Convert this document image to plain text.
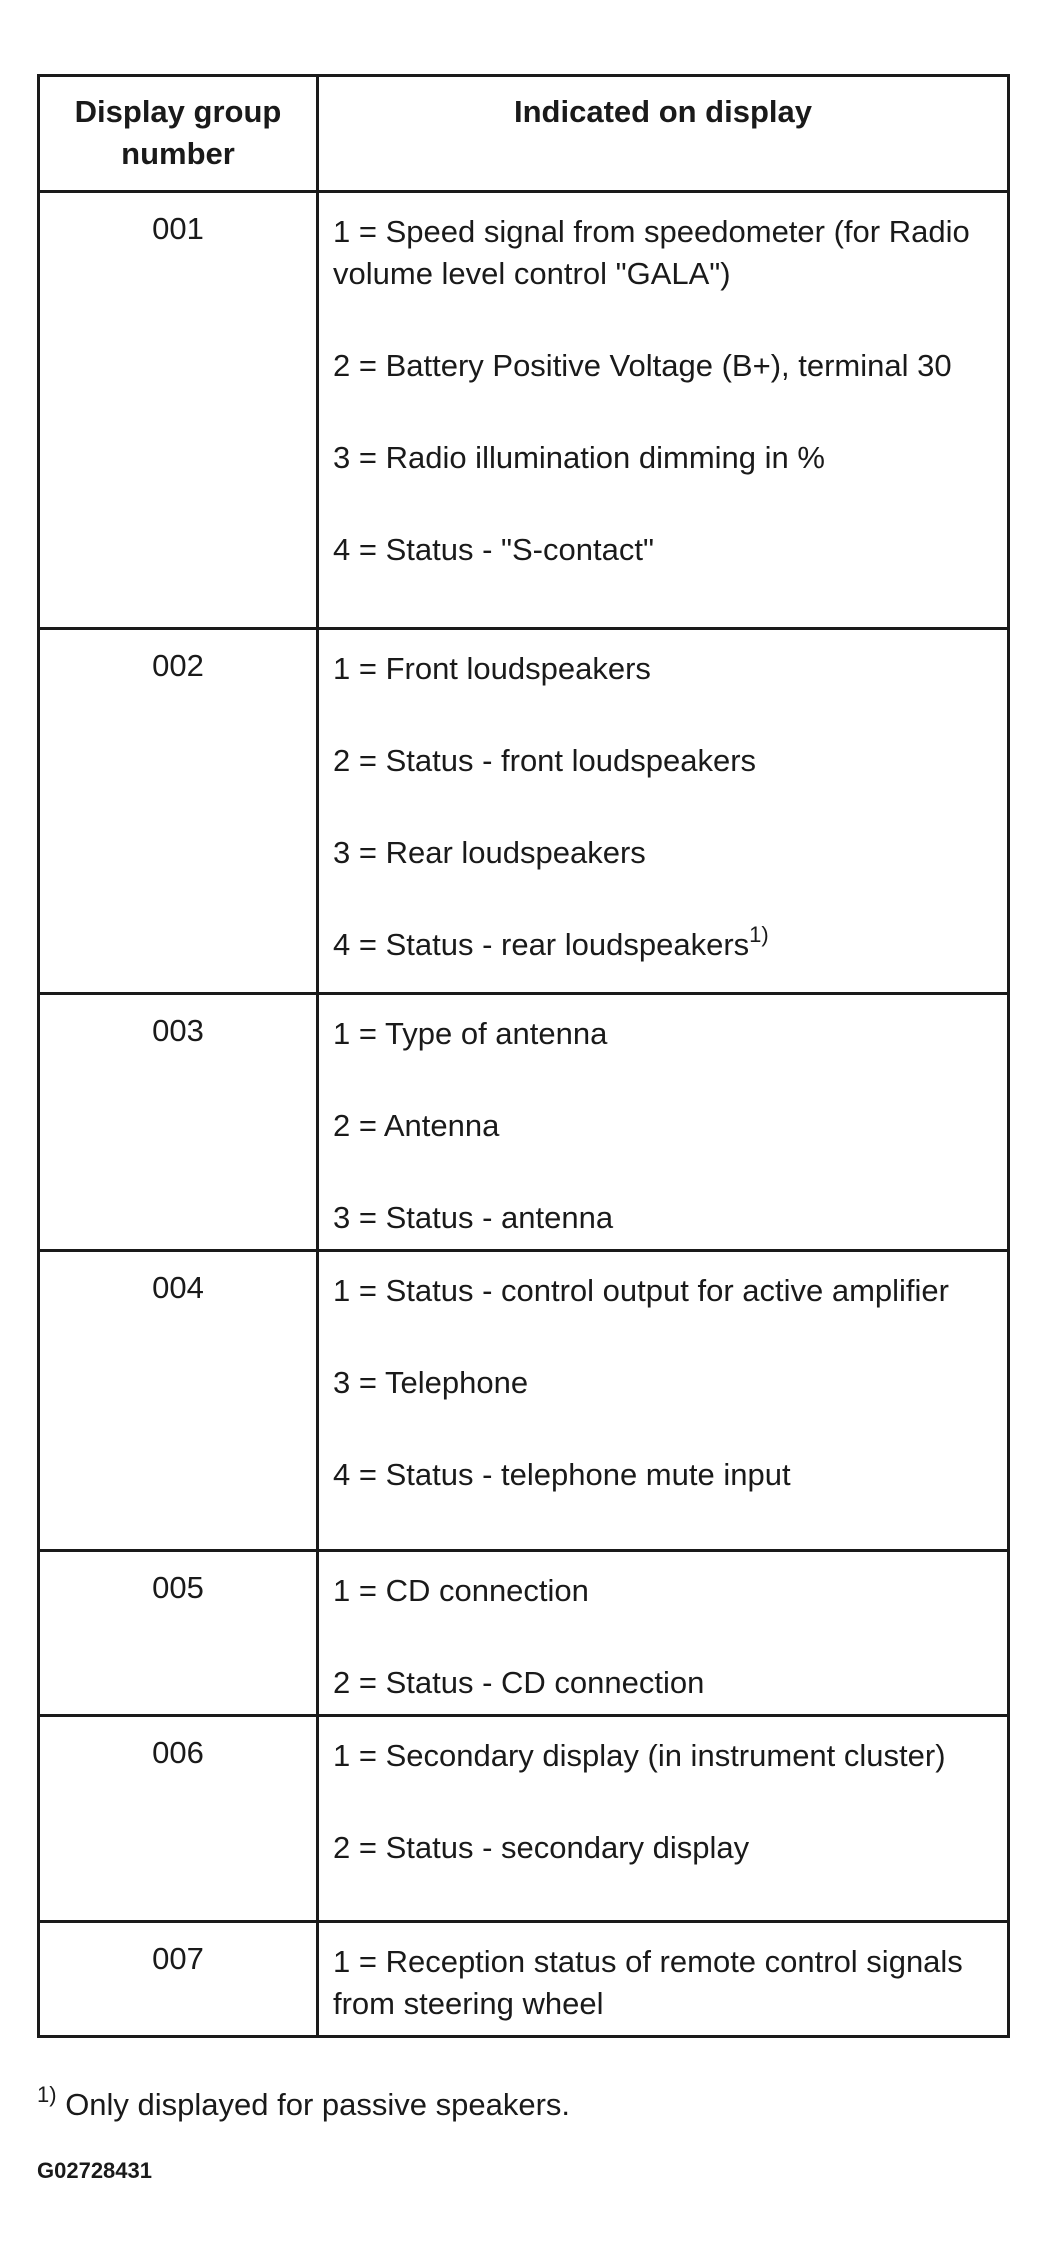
Display group number	Indicated on display

001	1 = Speed signal from speedometer (for Radio volume level control "GALA")
2 = Battery Positive Voltage (B+), terminal 30
3 = Radio illumination dimming in %
4 = Status - "S-contact"

002	1 = Front loudspeakers
2 = Status - front loudspeakers
3 = Rear loudspeakers
4 = Status - rear loudspeakers$^{1)}$

003	1 = Type of antenna
2 = Antenna
3 = Status - antenna

004	1 = Status - control output for active amplifier
3 = Telephone
4 = Status - telephone mute input

005	1 = CD connection
2 = Status - CD connection

006	1 = Secondary display (in instrument cluster)
2 = Status - secondary display

007	1 = Reception status of remote control signals from steering wheel
$^{1)}$ Only displayed for passive speakers.
G02728431
